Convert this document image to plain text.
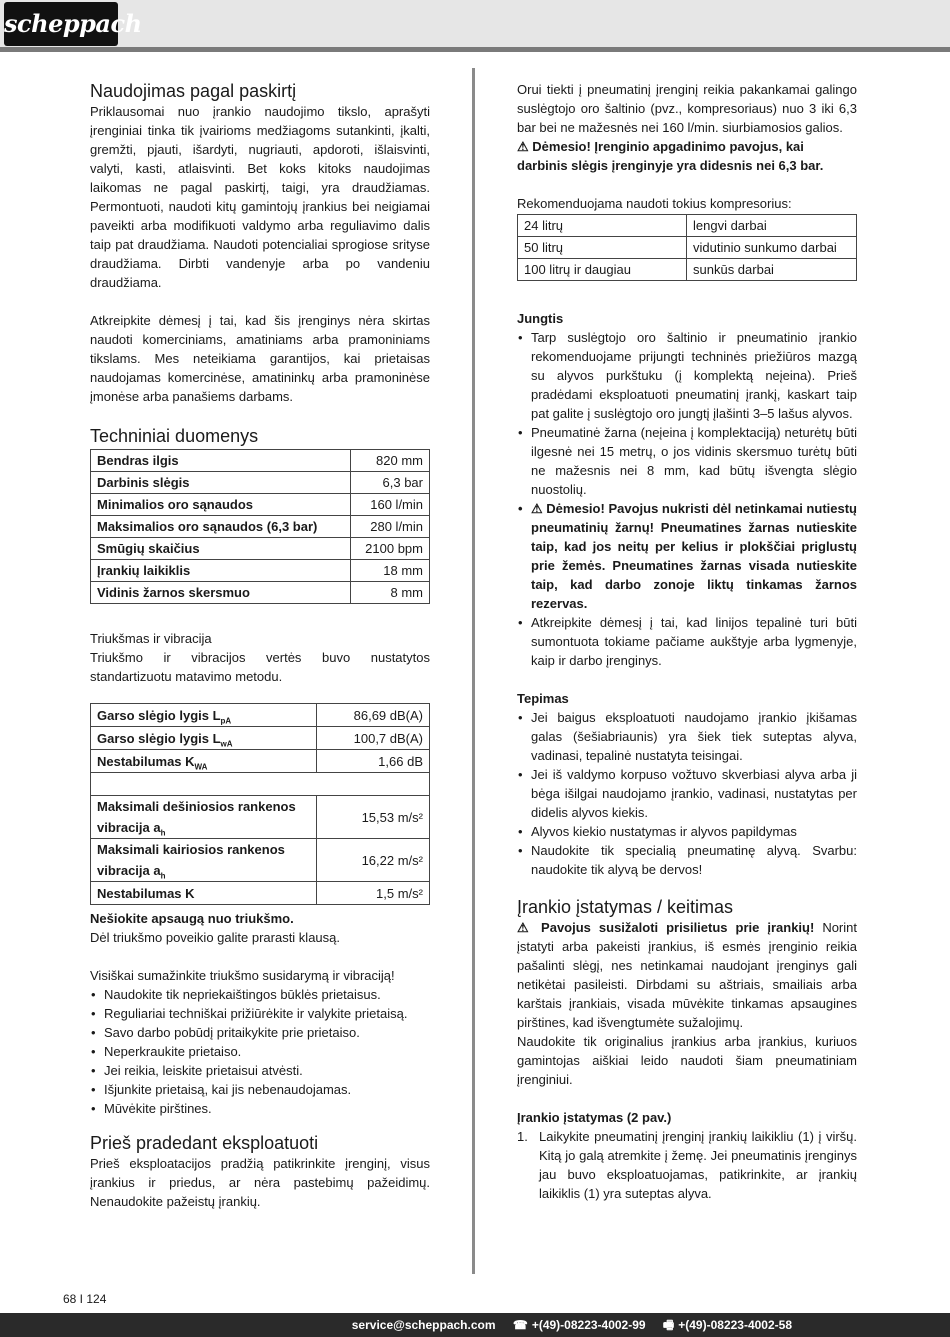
scheppach
Naudojimas pagal paskirtį

Priklausomai nuo įrankio naudojimo tikslo, aprašyti įrenginiai tinka tik įvairioms medžiagoms sutankinti, įkalti, gremžti, pjauti, išardyti, nugriauti, apdoroti, išlaisvinti, valyti, kasti, atlaisvinti. Bet koks kitoks naudojimas laikomas ne pagal paskirtį, taigi, yra draudžiamas. Permontuoti, naudoti kitų gamintojų įrankius bei neigiamai paveikti arba modifikuoti valdymo arba reguliavimo dalis taip pat draudžiama. Naudoti potencialiai sprogiose srityse draudžiama. Dirbti vandenyje arba po vandeniu draudžiama.

Atkreipkite dėmesį į tai, kad šis įrenginys nėra skirtas naudoti komerciniams, amatiniams arba pramoniniams tikslams. Mes neteikiama garantijos, kai prietaisas naudojamas komercinėse, amatininkų arba pramoninėse įmonėse arba panašiems darbams.

Techniniai duomenys
Bendras ilgis	820 mm
Darbinis slėgis	6,3 bar
Minimalios oro sąnaudos	160 l/min
Maksimalios oro sąnaudos (6,3 bar)	280 l/min
Smūgių skaičius	2100 bpm
Įrankių laikiklis	18 mm
Vidinis žarnos skersmuo	8 mm
Triukšmas ir vibracija

Triukšmo ir vibracijos vertės buvo nustatytos standartizuotu matavimo metodu.

Garso slėgio lygis $L_{pA}$	86,69 dB(A)
Garso slėgio lygis $L_{wA}$	100,7 dB(A)
Nestabilumas $K_{WA}$	1,66 dB

Maksimali dešiniosios rankenos vibracija $a_h$	15,53 m/s²
Maksimali kairiosios rankenos vibracija $a_h$	16,22 m/s²
Nestabilumas K	1,5 m/s²

Nešiokite apsaugą nuo triukšmo.

Dėl triukšmo poveikio galite prarasti klausą.

Visiškai sumažinkite triukšmo susidarymą ir vibraciją!

• Naudokite tik nepriekaištingos būklės prietaisus.
• Reguliariai techniškai prižiūrėkite ir valykite prietaisą.
• Savo darbo pobūdį pritaikykite prie prietaiso.
• Neperkraukite prietaiso.
• Jei reikia, leiskite prietaisui atvėsti.
• Išjunkite prietaisą, kai jis nebenaudojamas.
• Mūvėkite pirštines.
Prieš pradedant eksploatuoti

Prieš eksploatacijos pradžią patikrinkite įrenginį, visus įrankius ir priedus, ar nėra pastebimų pažeidimų. Nenaudokite pažeistų įrankių.

Orui tiekti į pneumatinį įrenginį reikia pakankamai galingo suslėgtojo oro šaltinio (pvz., kompresoriaus) nuo 3 iki 6,3 bar bei ne mažesnės nei 160 l/min. siurbiamosios galios.

⚠ Dėmesio! Įrenginio apgadinimo pavojus, kai darbinis slėgis įrenginyje yra didesnis nei 6,3 bar.

Rekomenduojama naudoti tokius kompresorius:

24 litrų	lengvi darbai
50 litrų	vidutinio sunkumo darbai
100 litrų ir daugiau	sunkūs darbai
Jungtis
• Tarp suslėgtojo oro šaltinio ir pneumatinio įrankio rekomenduojame prijungti techninės priežiūros mazgą su alyvos purkštuku (į komplektą neįeina). Prieš pradėdami eksploatuoti pneumatinį įrankį, kaskart taip pat galite į suslėgtojo oro jungtį įlašinti 3–5 lašus alyvos.
• Pneumatinė žarna (neįeina į komplektaciją) neturėtų būti ilgesnė nei 15 metrų, o jos vidinis skersmuo turėtų būti ne mažesnis nei 8 mm, kad būtų išvengta slėgio nuostolių.
• ⚠ Dėmesio! Pavojus nukristi dėl netinkamai nutiestų pneumatinių žarnų! Pneumatines žarnas nutieskite taip, kad jos neitų per kelius ir plokščiai priglustų prie žemės. Pneumatines žarnas visada nutieskite taip, kad darbo zonoje liktų tinkamas žarnos rezervas.
• Atkreipkite dėmesį į tai, kad linijos tepalinė turi būti sumontuota tokiame pačiame aukštyje arba lygmenyje, kaip ir darbo įrenginys.
Tepimas
• Jei baigus eksploatuoti naudojamo įrankio įkišamas galas (šešiabriaunis) yra šiek tiek suteptas alyva, vadinasi, tepalinė nustatyta teisingai.
• Jei iš valdymo korpuso vožtuvo skverbiasi alyva arba ji bėga išilgai naudojamo įrankio, vadinasi, nustatytas per didelis alyvos kiekis.
• Alyvos kiekio nustatymas ir alyvos papildymas
• Naudokite tik specialią pneumatinę alyvą. Svarbu: naudokite tik alyvą be dervos!
Įrankio įstatymas / keitimas

⚠ Pavojus susižaloti prisilietus prie įrankių! Norint įstatyti arba pakeisti įrankius, iš esmės įrenginio reikia pašalinti slėgį, nes netinkamai naudojant įrenginys gali netikėtai pasileisti. Dirbdami su aštriais, smailiais arba karštais įrankiais, visada mūvėkite tinkamas apsaugines pirštines, kad išvengtumėte sužalojimų.

Naudokite tik originalius įrankius arba įrankius, kuriuos gamintojas aiškiai leido naudoti šiam pneumatiniam įrenginiui.

Įrankio įstatymas (2 pav.)
1. Laikykite pneumatinį įrenginį įrankių laikikliu (1) į viršų. Kitą jo galą atremkite į žemę. Jei pneumatinis įrenginys jau buvo eksploatuojamas, patikrinkite, ar įrankių laikiklis (1) yra suteptas alyva.
68 I 124
service@scheppach.com ☎ +(49)-08223-4002-99 🖷 +(49)-08223-4002-58
